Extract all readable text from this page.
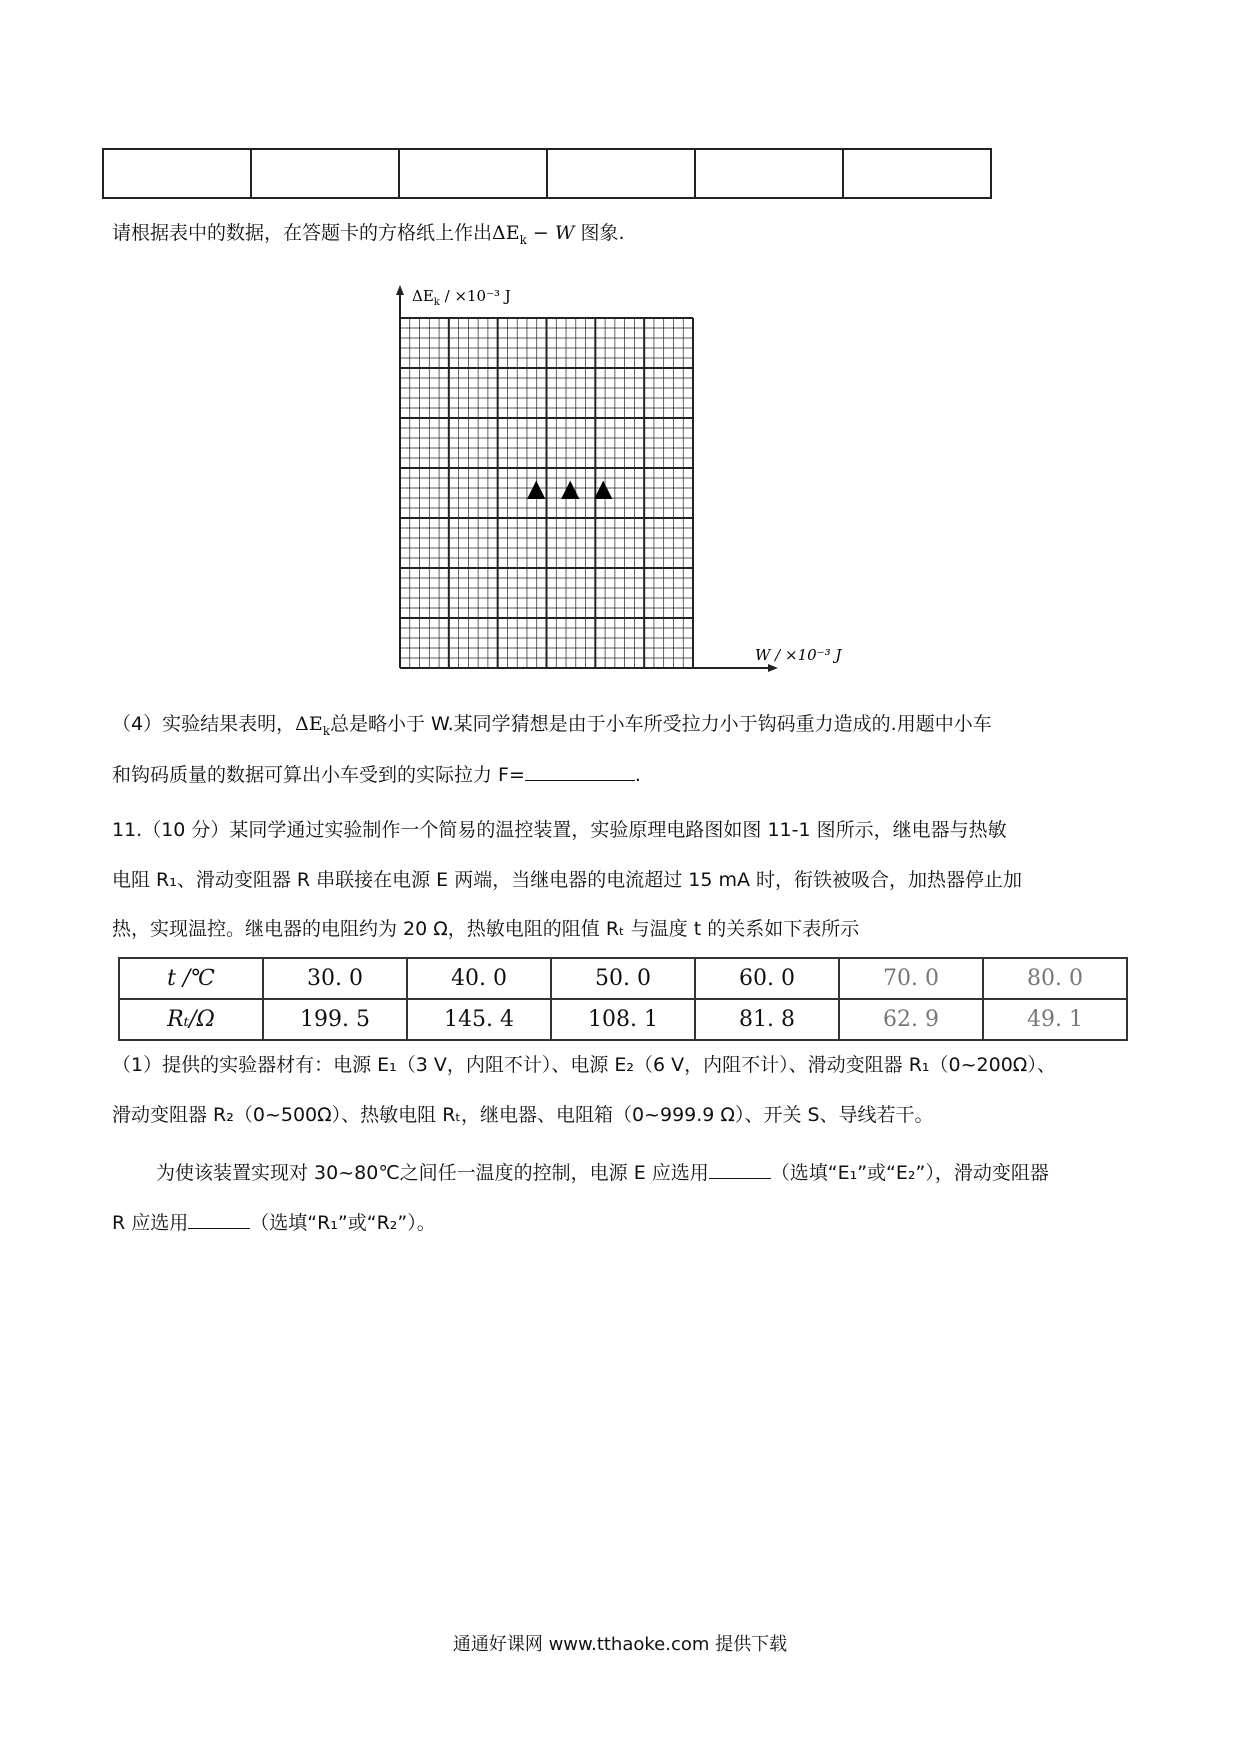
请根据表中的数据，在答题卡的方格纸上作出$\Delta E_k - W$ 图象.

$\Delta E_k / \times 10^{-3}$ J
W / ×10⁻³ J
▲ ▲ ▲

（4）实验结果表明，$\Delta E_k$总是略小于 W.某同学猜想是由于小车所受拉力小于钩码重力造成的.用题中小车

和钩码质量的数据可算出小车受到的实际拉力 F=	.

11.（10 分）某同学通过实验制作一个简易的温控装置，实验原理电路图如图 11-1 图所示，继电器与热敏

电阻 R₁、滑动变阻器 R 串联接在电源 E 两端，当继电器的电流超过 15 mA 时，衔铁被吸合，加热器停止加

热，实现温控。继电器的电阻约为 20 Ω，热敏电阻的阻值 Rₜ 与温度 t 的关系如下表所示

t /℃	30. 0	40. 0	50. 0	60. 0	70. 0	80. 0
Rₜ/Ω	199. 5	145. 4	108. 1	81. 8	62. 9	49. 1

（1）提供的实验器材有：电源 E₁（3 V，内阻不计）、电源 E₂（6 V，内阻不计）、滑动变阻器 R₁（0~200Ω）、

滑动变阻器 R₂（0~500Ω）、热敏电阻 Rₜ，继电器、电阻箱（0~999.9 Ω）、开关 S、导线若干。

为使该装置实现对 30~80℃之间任一温度的控制，电源 E 应选用	（选填“E₁”或“E₂”），滑动变阻器

R 应选用	（选填“R₁”或“R₂”）。

通通好课网 www.tthaoke.com 提供下载
